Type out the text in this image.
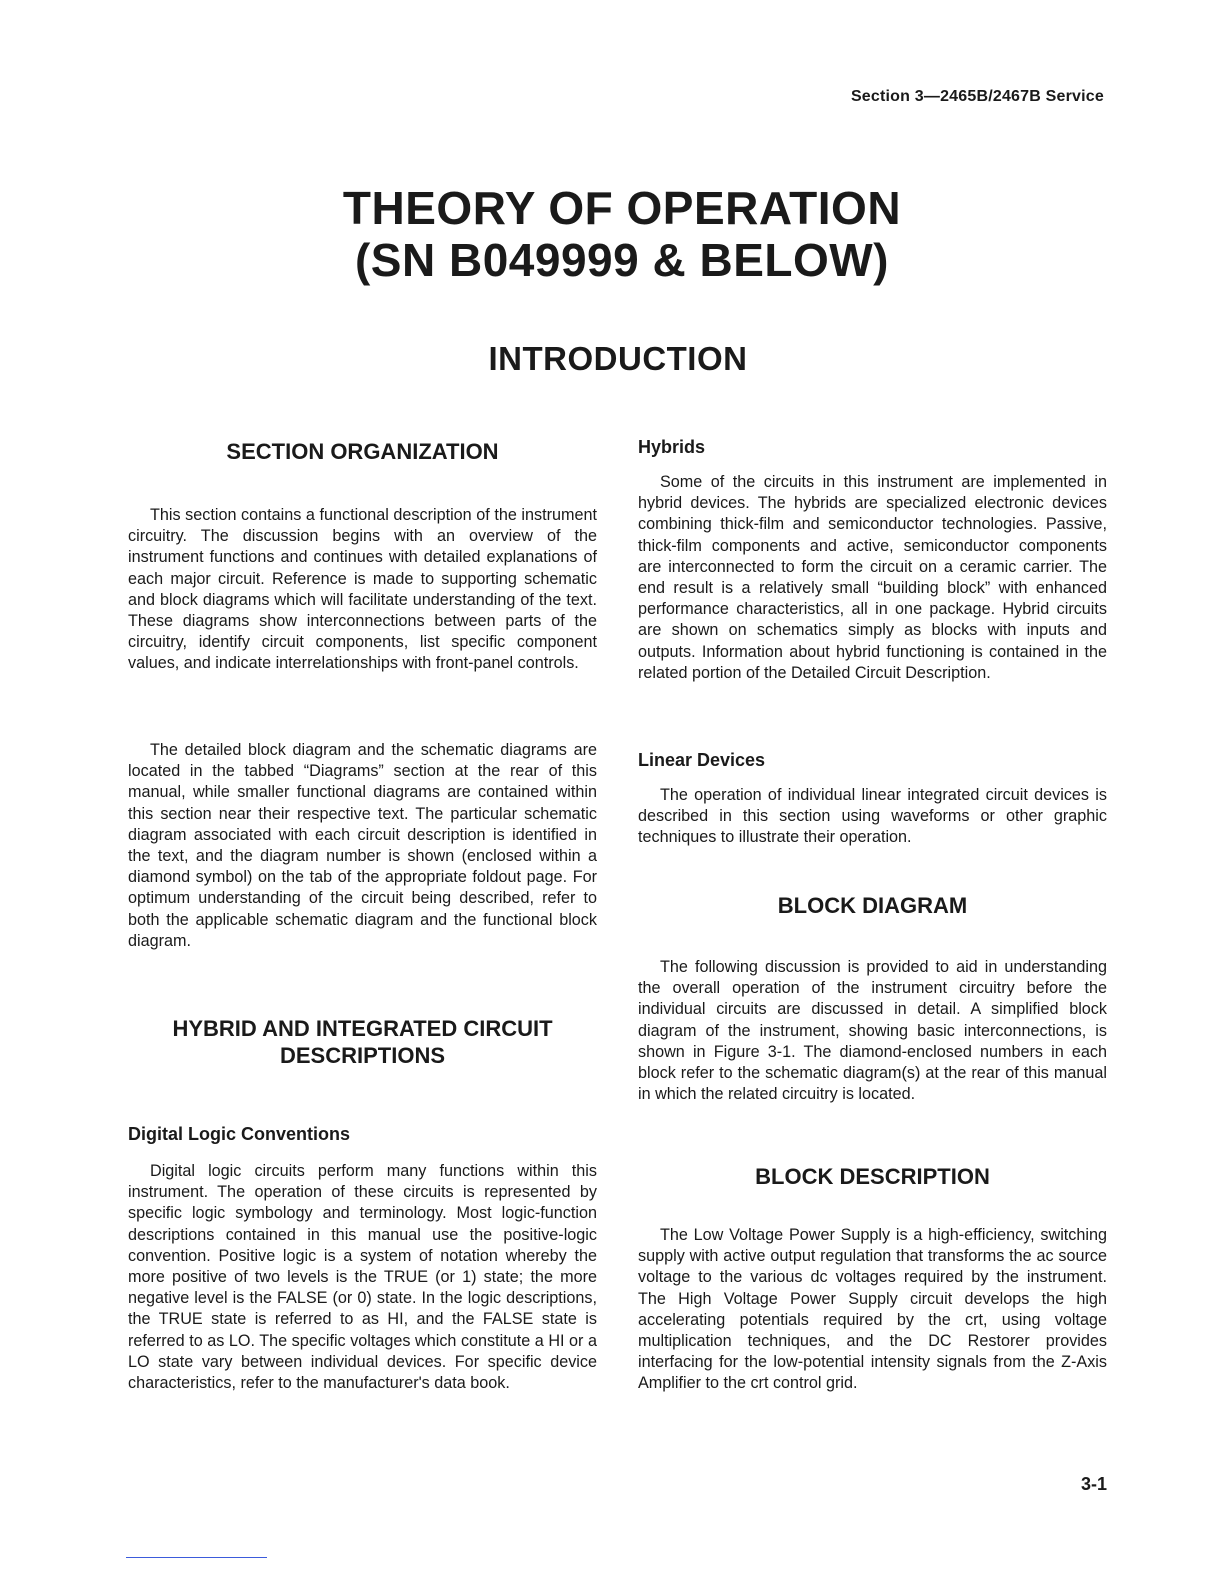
Section 3—2465B/2467B Service
THEORY OF OPERATION
(SN B049999 & BELOW)
INTRODUCTION
SECTION ORGANIZATION
This section contains a functional description of the instrument circuitry. The discussion begins with an overview of the instrument functions and continues with detailed explanations of each major circuit. Reference is made to supporting schematic and block diagrams which will facilitate understanding of the text. These diagrams show interconnections between parts of the circuitry, identify circuit components, list specific component values, and indicate interrelationships with front-panel controls.
The detailed block diagram and the schematic diagrams are located in the tabbed “Diagrams” section at the rear of this manual, while smaller functional diagrams are contained within this section near their respective text. The particular schematic diagram associated with each circuit description is identified in the text, and the diagram number is shown (enclosed within a diamond symbol) on the tab of the appropriate foldout page. For optimum understanding of the circuit being described, refer to both the applicable schematic diagram and the functional block diagram.
HYBRID AND INTEGRATED CIRCUIT
DESCRIPTIONS
Digital Logic Conventions
Digital logic circuits perform many functions within this instrument. The operation of these circuits is represented by specific logic symbology and terminology. Most logic-function descriptions contained in this manual use the positive-logic convention. Positive logic is a system of notation whereby the more positive of two levels is the TRUE (or 1) state; the more negative level is the FALSE (or 0) state. In the logic descriptions, the TRUE state is referred to as HI, and the FALSE state is referred to as LO. The specific voltages which constitute a HI or a LO state vary between individual devices. For specific device characteristics, refer to the manufacturer's data book.
Hybrids
Some of the circuits in this instrument are implemented in hybrid devices. The hybrids are specialized electronic devices combining thick-film and semiconductor technologies. Passive, thick-film components and active, semiconductor components are interconnected to form the circuit on a ceramic carrier. The end result is a relatively small “building block” with enhanced performance characteristics, all in one package. Hybrid circuits are shown on schematics simply as blocks with inputs and outputs. Information about hybrid functioning is contained in the related portion of the Detailed Circuit Description.
Linear Devices
The operation of individual linear integrated circuit devices is described in this section using waveforms or other graphic techniques to illustrate their operation.
BLOCK DIAGRAM
The following discussion is provided to aid in understanding the overall operation of the instrument circuitry before the individual circuits are discussed in detail. A simplified block diagram of the instrument, showing basic interconnections, is shown in Figure 3-1. The diamond-enclosed numbers in each block refer to the schematic diagram(s) at the rear of this manual in which the related circuitry is located.
BLOCK DESCRIPTION
The Low Voltage Power Supply is a high-efficiency, switching supply with active output regulation that transforms the ac source voltage to the various dc voltages required by the instrument. The High Voltage Power Supply circuit develops the high accelerating potentials required by the crt, using voltage multiplication techniques, and the DC Restorer provides interfacing for the low-potential intensity signals from the Z-Axis Amplifier to the crt control grid.
3-1
